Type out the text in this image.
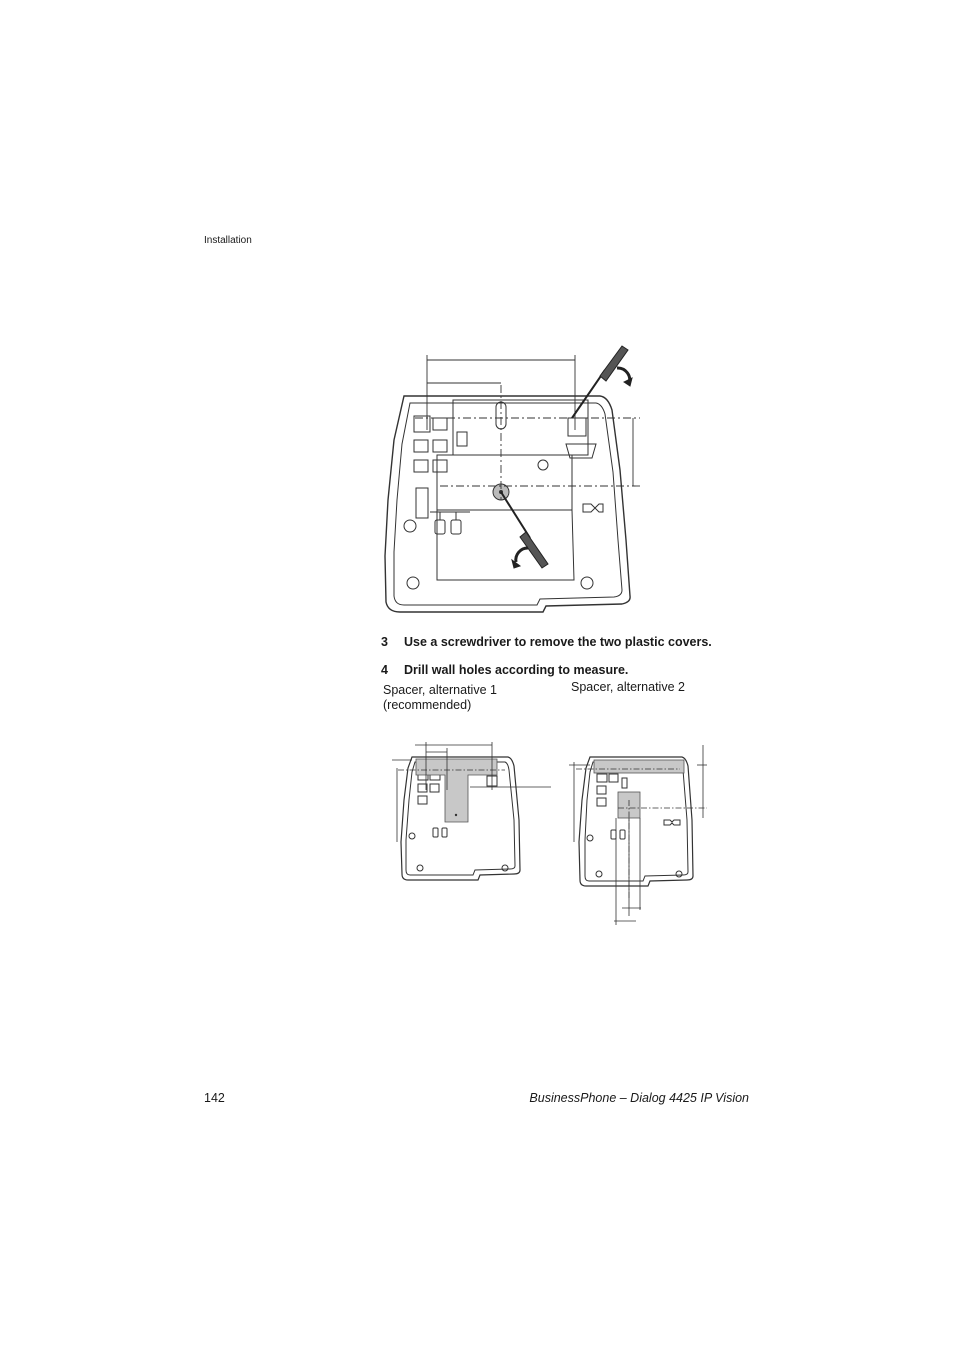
Installation
3 Use a screwdriver to remove the two plastic covers.
4 Drill wall holes according to measure.
Spacer, alternative 1
(recommended)
Spacer, alternative 2
142	BusinessPhone – Dialog 4425 IP Vision
